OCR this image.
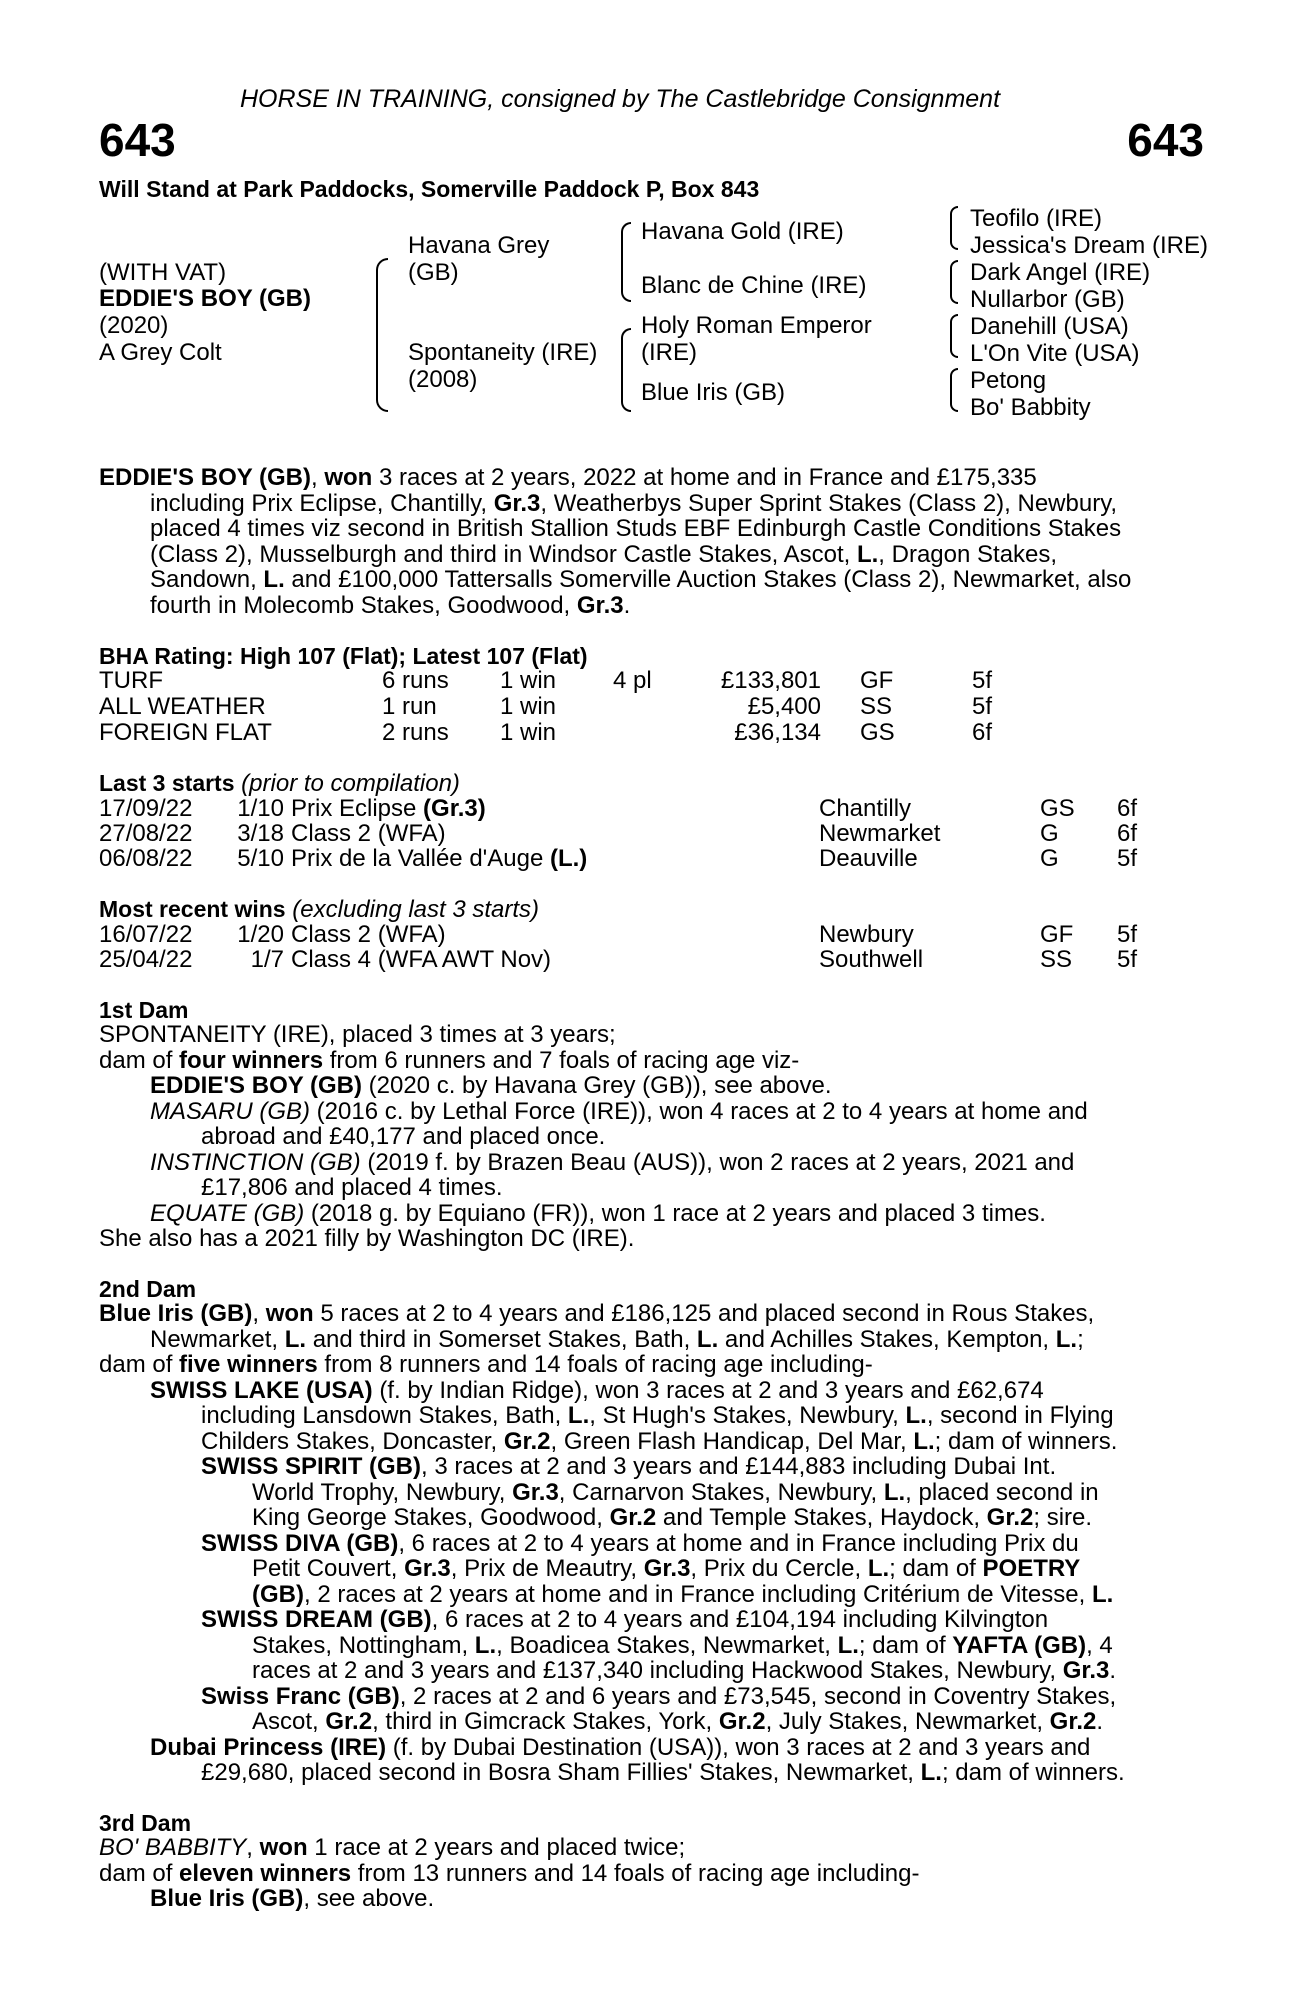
HORSE IN TRAINING, consigned by The Castlebridge Consignment
643	643
Will Stand at Park Paddocks, Somerville Paddock P, Box 843
(WITH VAT)
EDDIE'S BOY (GB)
(2020)
A Grey Colt
Havana Grey
(GB)
Spontaneity (IRE)
(2008)
Havana Gold (IRE)
Blanc de Chine (IRE)
Holy Roman Emperor
(IRE)
Blue Iris (GB)
Teofilo (IRE)
Jessica's Dream (IRE)
Dark Angel (IRE)
Nullarbor (GB)
Danehill (USA)
L'On Vite (USA)
Petong
Bo' Babbity
EDDIE'S BOY (GB), won 3 races at 2 years, 2022 at home and in France and £175,335
including Prix Eclipse, Chantilly, Gr.3, Weatherbys Super Sprint Stakes (Class 2), Newbury,
placed 4 times viz second in British Stallion Studs EBF Edinburgh Castle Conditions Stakes
(Class 2), Musselburgh and third in Windsor Castle Stakes, Ascot, L., Dragon Stakes,
Sandown, L. and £100,000 Tattersalls Somerville Auction Stakes (Class 2), Newmarket, also
fourth in Molecomb Stakes, Goodwood, Gr.3.
BHA Rating: High 107 (Flat); Latest 107 (Flat)
TURF	6 runs 1 win 4 pl	£133,801 GF	5f
ALL WEATHER	1 run	1 win	£5,400 SS	5f
FOREIGN FLAT	2 runs 1 win	£36,134 GS	6f
Last 3 starts (prior to compilation)
17/09/22 1/10 Prix Eclipse (Gr.3)	Chantilly	GS 6f
27/08/22 3/18 Class 2 (WFA)	Newmarket	G 6f
06/08/22 5/10 Prix de la Vallée d'Auge (L.)	Deauville	G 5f
Most recent wins (excluding last 3 starts)
16/07/22 1/20 Class 2 (WFA)	Newbury	GF 5f
25/04/22 1/7 Class 4 (WFA AWT Nov)	Southwell	SS 5f
1st Dam
SPONTANEITY (IRE), placed 3 times at 3 years;
dam of four winners from 6 runners and 7 foals of racing age viz-
EDDIE'S BOY (GB) (2020 c. by Havana Grey (GB)), see above.
MASARU (GB) (2016 c. by Lethal Force (IRE)), won 4 races at 2 to 4 years at home and
abroad and £40,177 and placed once.
INSTINCTION (GB) (2019 f. by Brazen Beau (AUS)), won 2 races at 2 years, 2021 and
£17,806 and placed 4 times.
EQUATE (GB) (2018 g. by Equiano (FR)), won 1 race at 2 years and placed 3 times.
She also has a 2021 filly by Washington DC (IRE).
2nd Dam
Blue Iris (GB), won 5 races at 2 to 4 years and £186,125 and placed second in Rous Stakes,
Newmarket, L. and third in Somerset Stakes, Bath, L. and Achilles Stakes, Kempton, L.;
dam of five winners from 8 runners and 14 foals of racing age including-
SWISS LAKE (USA) (f. by Indian Ridge), won 3 races at 2 and 3 years and £62,674
including Lansdown Stakes, Bath, L., St Hugh's Stakes, Newbury, L., second in Flying
Childers Stakes, Doncaster, Gr.2, Green Flash Handicap, Del Mar, L.; dam of winners.
SWISS SPIRIT (GB), 3 races at 2 and 3 years and £144,883 including Dubai Int.
World Trophy, Newbury, Gr.3, Carnarvon Stakes, Newbury, L., placed second in
King George Stakes, Goodwood, Gr.2 and Temple Stakes, Haydock, Gr.2; sire.
SWISS DIVA (GB), 6 races at 2 to 4 years at home and in France including Prix du
Petit Couvert, Gr.3, Prix de Meautry, Gr.3, Prix du Cercle, L.; dam of POETRY
(GB), 2 races at 2 years at home and in France including Critérium de Vitesse, L.
SWISS DREAM (GB), 6 races at 2 to 4 years and £104,194 including Kilvington
Stakes, Nottingham, L., Boadicea Stakes, Newmarket, L.; dam of YAFTA (GB), 4
races at 2 and 3 years and £137,340 including Hackwood Stakes, Newbury, Gr.3.
Swiss Franc (GB), 2 races at 2 and 6 years and £73,545, second in Coventry Stakes,
Ascot, Gr.2, third in Gimcrack Stakes, York, Gr.2, July Stakes, Newmarket, Gr.2.
Dubai Princess (IRE) (f. by Dubai Destination (USA)), won 3 races at 2 and 3 years and
£29,680, placed second in Bosra Sham Fillies' Stakes, Newmarket, L.; dam of winners.
3rd Dam
BO' BABBITY, won 1 race at 2 years and placed twice;
dam of eleven winners from 13 runners and 14 foals of racing age including-
Blue Iris (GB), see above.
